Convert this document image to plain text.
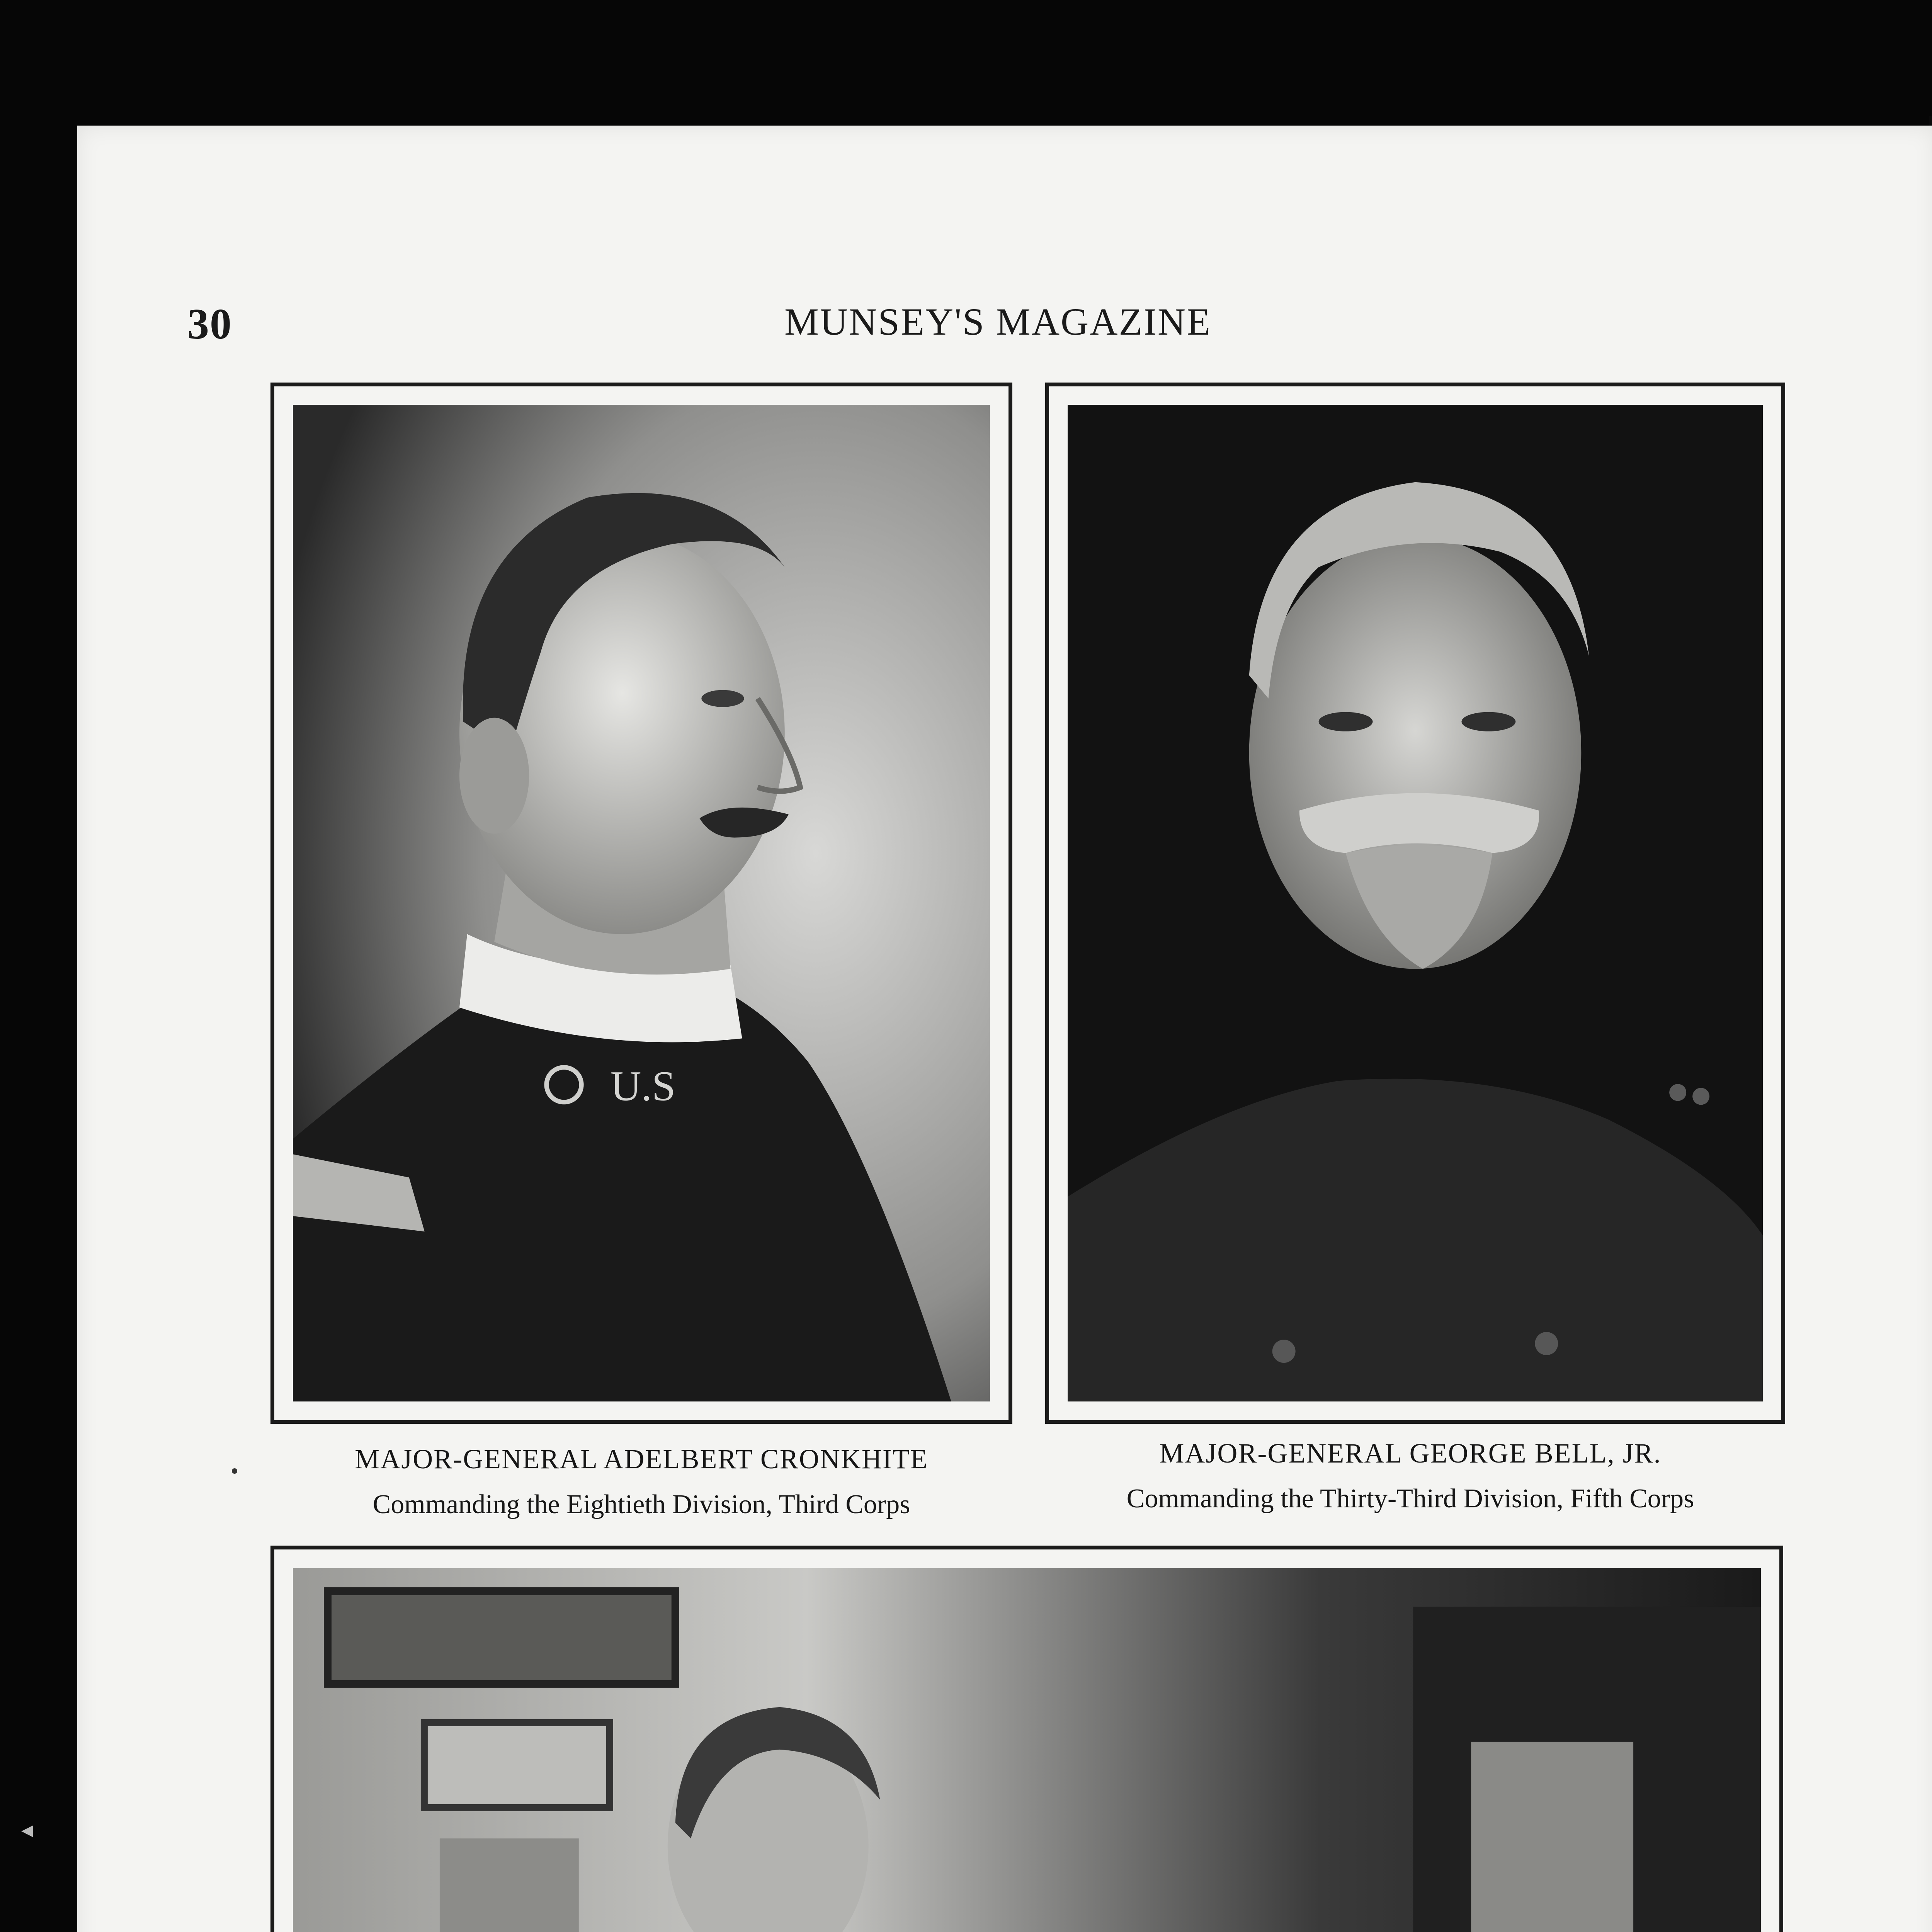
◂
30	MUNSEY'S MAGAZINE
U.S
MAJOR-GENERAL ADELBERT CRONKHITE
Commanding the Eightieth Division, Third Corps
MAJOR-GENERAL GEORGE BELL, JR.
Commanding the Thirty-Third Division, Fifth Corps
